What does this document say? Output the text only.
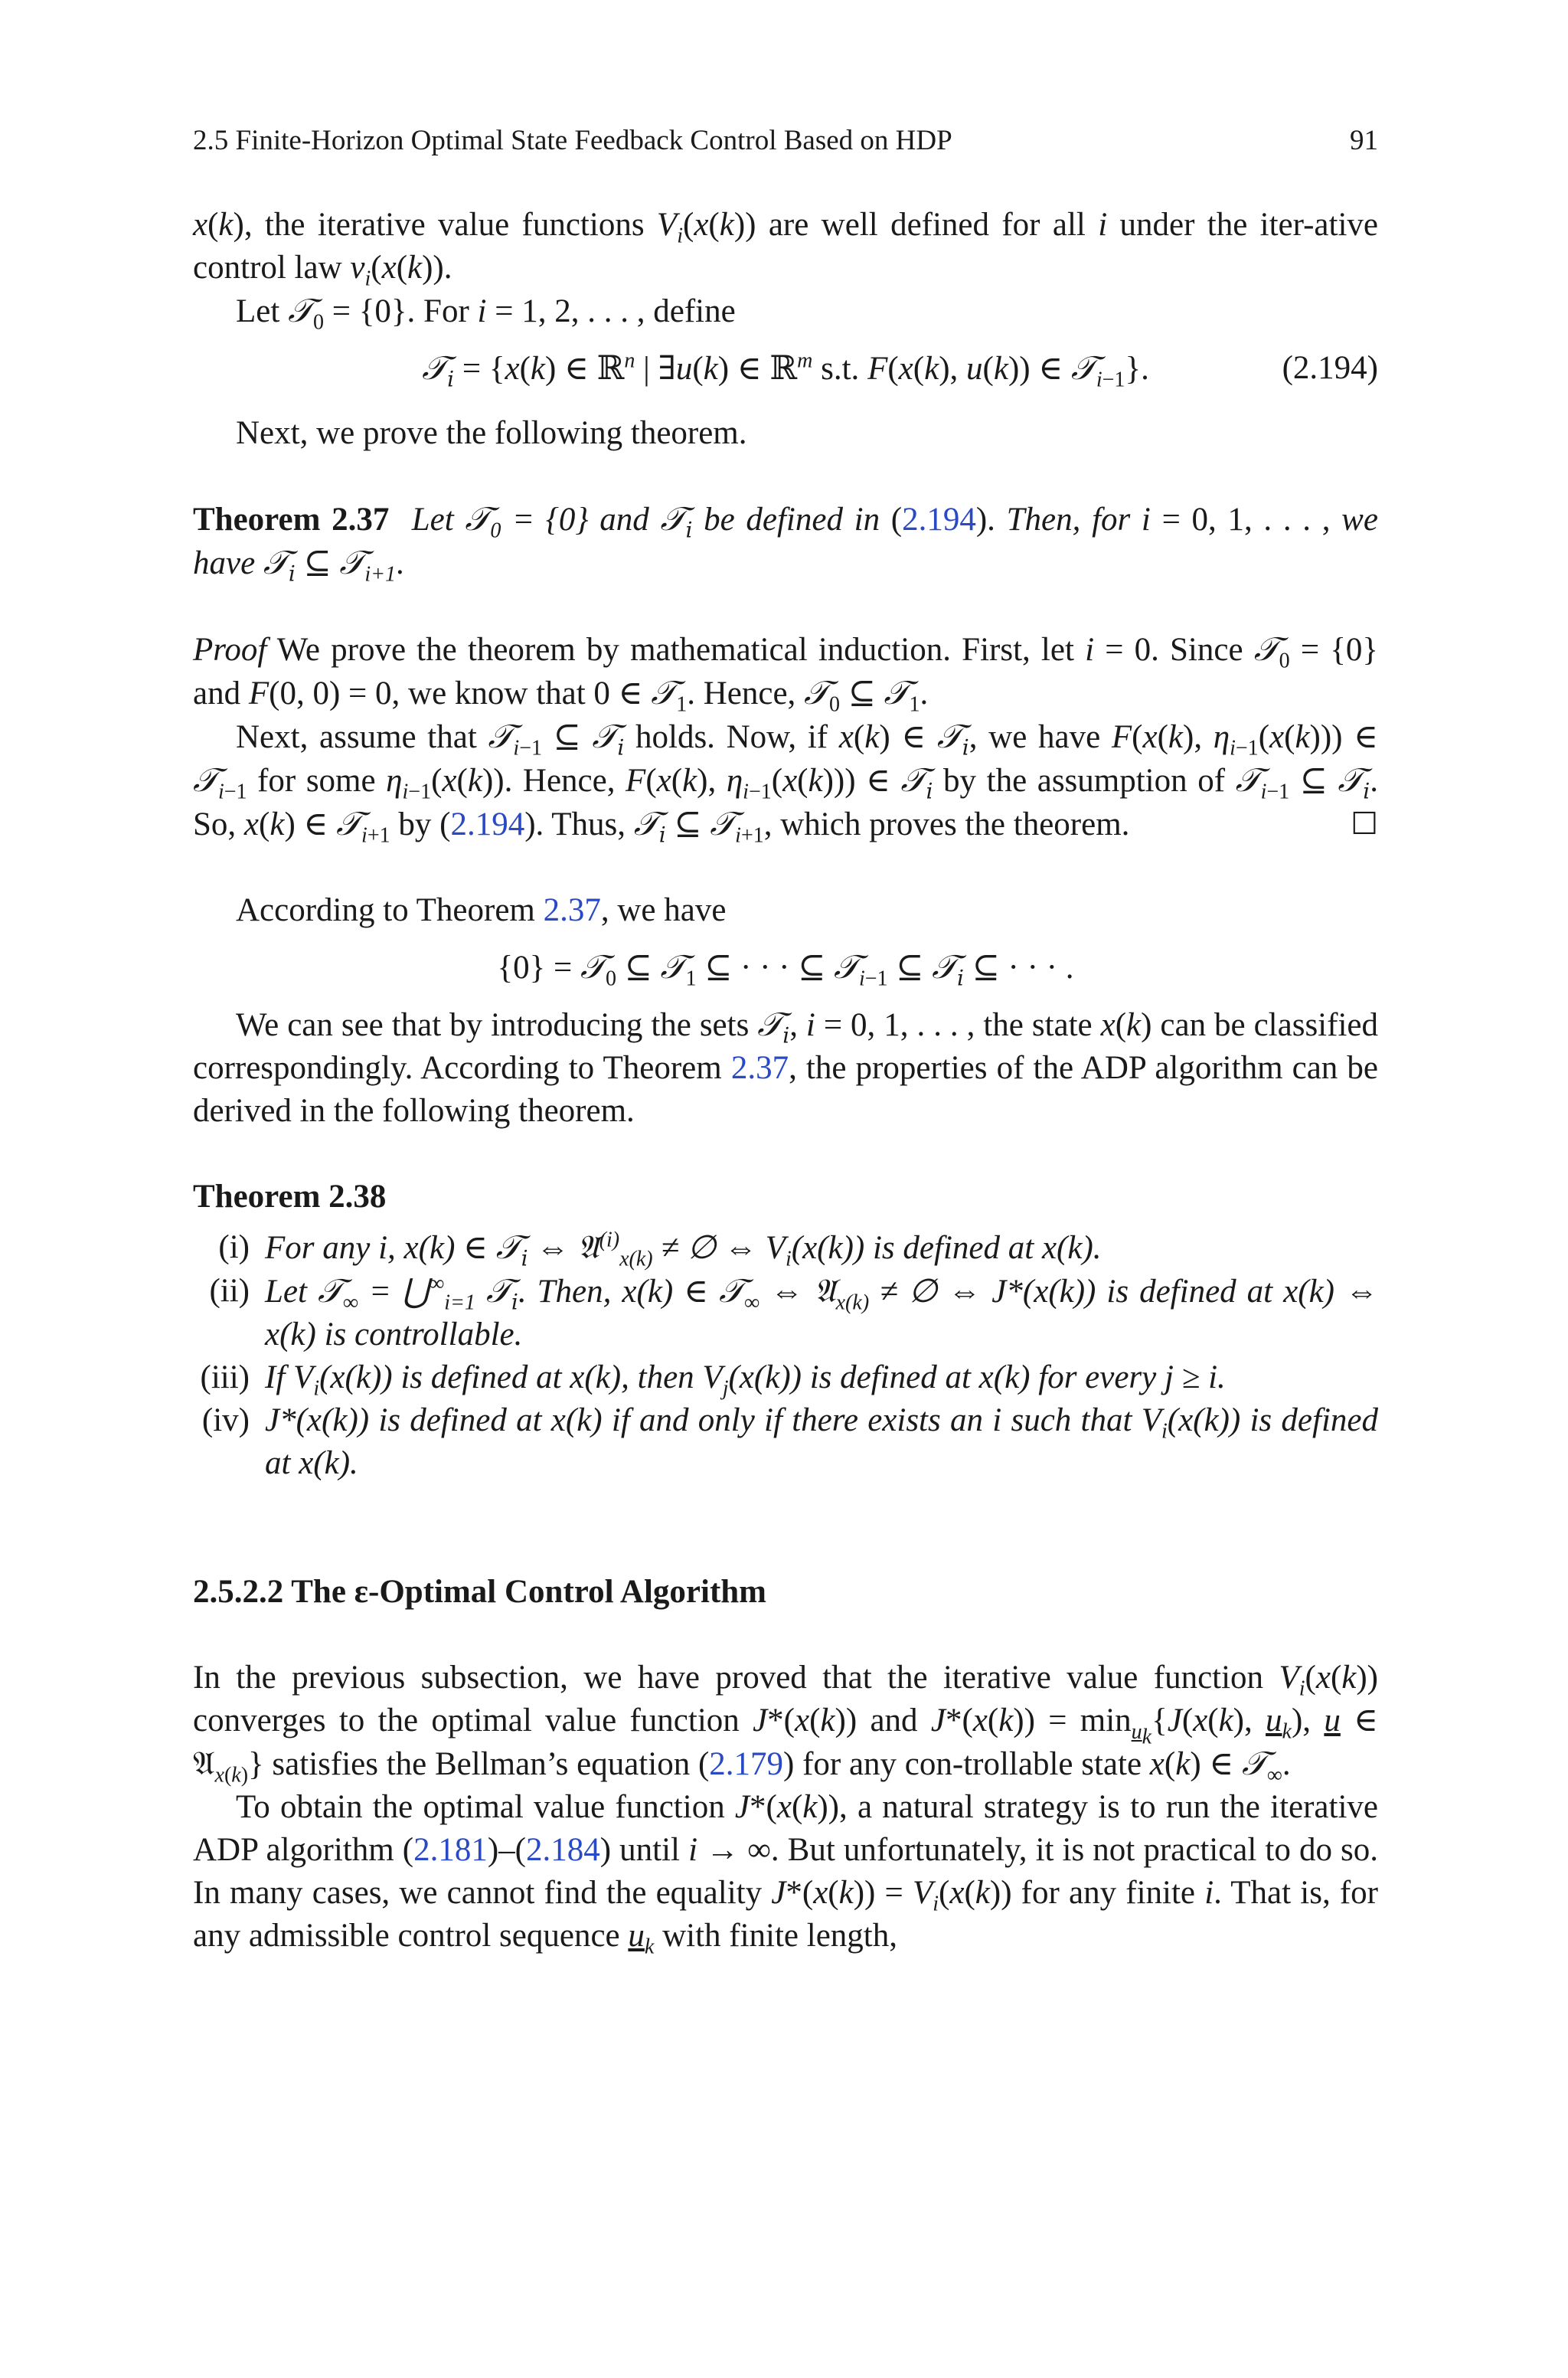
2.5 Finite-Horizon Optimal State Feedback Control Based on HDP	91

x(k), the iterative value functions $V_i(x(k))$ are well defined for all i under the iter-ative control law $v_i(x(k))$.

Let 𝒯$_0$ = {0}. For i = 1, 2, . . . , define

𝒯$_i$ = {x(k) ∈ ℝ$^n$ | ∃u(k) ∈ ℝ$^m$ s.t. F(x(k), u(k)) ∈ 𝒯$_{i-1}$}.	(2.194)

Next, we prove the following theorem.

Theorem 2.37 Let 𝒯$_0$ = {0} and 𝒯$_i$ be defined in (2.194). Then, for i = 0, 1, . . . , we have 𝒯$_i$ ⊆ 𝒯$_{i+1}$.

Proof We prove the theorem by mathematical induction. First, let i = 0. Since 𝒯$_0$ = {0} and F(0, 0) = 0, we know that 0 ∈ 𝒯$_1$. Hence, 𝒯$_0$ ⊆ 𝒯$_1$.

Next, assume that 𝒯$_{i-1}$ ⊆ 𝒯$_i$ holds. Now, if x(k) ∈ 𝒯$_i$, we have F(x(k), $\eta_{i-1}(x(k))$) ∈ 𝒯$_{i-1}$ for some $\eta_{i-1}(x(k))$. Hence, F(x(k), $\eta_{i-1}(x(k))$) ∈ 𝒯$_i$ by the assumption of 𝒯$_{i-1}$ ⊆ 𝒯$_i$. So, x(k) ∈ 𝒯$_{i+1}$ by (2.194). Thus, 𝒯$_i$ ⊆ 𝒯$_{i+1}$, which proves the theorem.	☐

According to Theorem 2.37, we have

{0} = 𝒯$_0$ ⊆ 𝒯$_1$ ⊆ · · · ⊆ 𝒯$_{i-1}$ ⊆ 𝒯$_i$ ⊆ · · · .

We can see that by introducing the sets 𝒯$_i$, i = 0, 1, . . . , the state x(k) can be classified correspondingly. According to Theorem 2.37, the properties of the ADP algorithm can be derived in the following theorem.

Theorem 2.38

(i) For any i, x(k) ∈ 𝒯$_i$ ⇔ 𝔄$^{(i)}_{x(k)}$ ≠ ∅ ⇔ $V_i(x(k))$ is defined at x(k).
(ii) Let 𝒯$_\infty$ = $⋃^\infty_{i=1}$ 𝒯$_i$. Then, x(k) ∈ 𝒯$_\infty$ ⇔ 𝔄$_{x(k)}$ ≠ ∅ ⇔ J*(x(k)) is defined at x(k) ⇔ x(k) is controllable.
(iii) If $V_i(x(k))$ is defined at x(k), then $V_j(x(k))$ is defined at x(k) for every j ≥ i.
(iv) J*(x(k)) is defined at x(k) if and only if there exists an i such that $V_i(x(k))$ is defined at x(k).
2.5.2.2 The ε-Optimal Control Algorithm

In the previous subsection, we have proved that the iterative value function $V_i(x(k))$ converges to the optimal value function J*(x(k)) and $J*(x(k)) = \min_{u_k}\{J(x(k)$, $u_k$), u ∈ 𝔄$_{x(k)}$} satisfies the Bellman’s equation (2.179) for any con-trollable state x(k) ∈ 𝒯$_\infty$.

To obtain the optimal value function J*(x(k)), a natural strategy is to run the iterative ADP algorithm (2.181)–(2.184) until i → ∞. But unfortunately, it is not practical to do so. In many cases, we cannot find the equality $J*(x(k)) = V_i(x(k))$ for any finite i. That is, for any admissible control sequence $u_k$ with finite length,
